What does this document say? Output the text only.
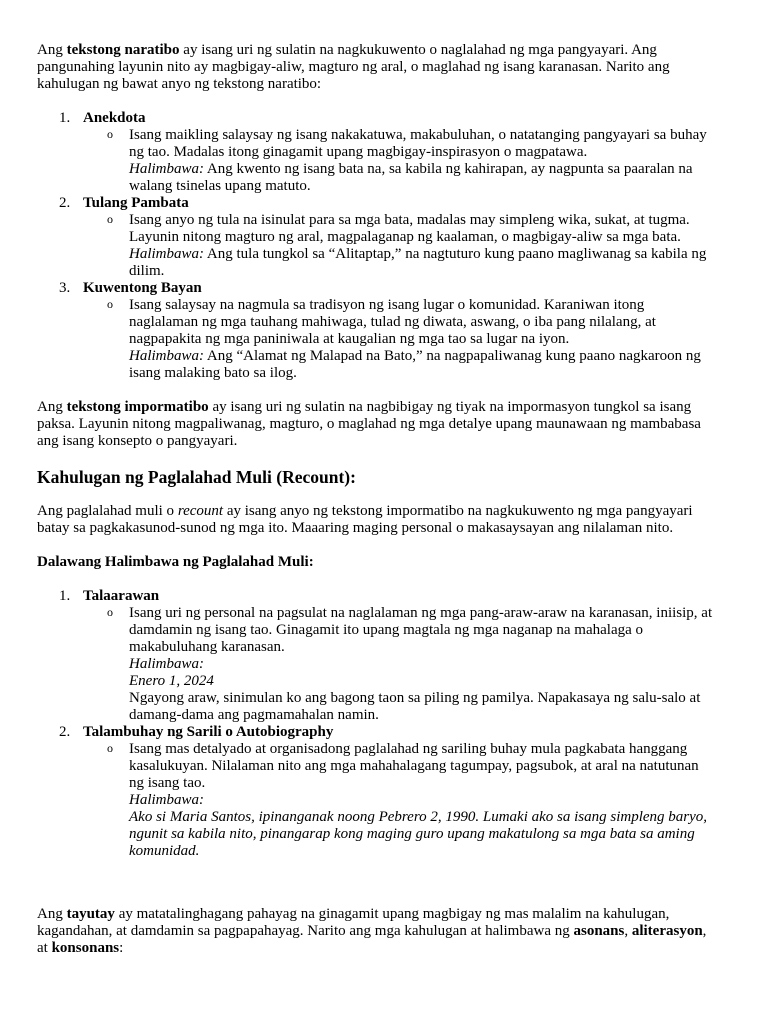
Ang tekstong naratibo ay isang uri ng sulatin na nagkukuwento o naglalahad ng mga pangyayari. Ang pangunahing layunin nito ay magbigay-aliw, magturo ng aral, o maglahad ng isang karanasan. Narito ang kahulugan ng bawat anyo ng tekstong naratibo:

1. Anekdota
o Isang maikling salaysay ng isang nakakatuwa, makabuluhan, o natatanging pangyayari sa buhay ng tao. Madalas itong ginagamit upang magbigay-inspirasyon o magpatawa.

Halimbawa: Ang kwento ng isang bata na, sa kabila ng kahirapan, ay nagpunta sa paaralan na walang tsinelas upang matuto.

2. Tulang Pambata
o Isang anyo ng tula na isinulat para sa mga bata, madalas may simpleng wika, sukat, at tugma. Layunin nitong magturo ng aral, magpalaganap ng kaalaman, o magbigay-aliw sa mga bata.

Halimbawa: Ang tula tungkol sa “Alitaptap,” na nagtuturo kung paano magliwanag sa kabila ng dilim.

3. Kuwentong Bayan
o Isang salaysay na nagmula sa tradisyon ng isang lugar o komunidad. Karaniwan itong naglalaman ng mga tauhang mahiwaga, tulad ng diwata, aswang, o iba pang nilalang, at nagpapakita ng mga paniniwala at kaugalian ng mga tao sa lugar na iyon.

Halimbawa: Ang “Alamat ng Malapad na Bato,” na nagpapaliwanag kung paano nagkaroon ng isang malaking bato sa ilog.

Ang tekstong impormatibo ay isang uri ng sulatin na nagbibigay ng tiyak na impormasyon tungkol sa isang paksa. Layunin nitong magpaliwanag, magturo, o maglahad ng mga detalye upang maunawaan ng mambabasa ang isang konsepto o pangyayari.

Kahulugan ng Paglalahad Muli (Recount):

Ang paglalahad muli o recount ay isang anyo ng tekstong impormatibo na nagkukuwento ng mga pangyayari batay sa pagkakasunod-sunod ng mga ito. Maaaring maging personal o makasaysayan ang nilalaman nito.

Dalawang Halimbawa ng Paglalahad Muli:

1. Talaarawan
o Isang uri ng personal na pagsulat na naglalaman ng mga pang-araw-araw na karanasan, iniisip, at damdamin ng isang tao. Ginagamit ito upang magtala ng mga naganap na mahalaga o makabuluhang karanasan.

Halimbawa:

Enero 1, 2024

Ngayong araw, sinimulan ko ang bagong taon sa piling ng pamilya. Napakasaya ng salu-salo at damang-dama ang pagmamahalan namin.

2. Talambuhay ng Sarili o Autobiography
o Isang mas detalyado at organisadong paglalahad ng sariling buhay mula pagkabata hanggang kasalukuyan. Nilalaman nito ang mga mahahalagang tagumpay, pagsubok, at aral na natutunan ng isang tao.

Halimbawa:

Ako si Maria Santos, ipinanganak noong Pebrero 2, 1990. Lumaki ako sa isang simpleng baryo, ngunit sa kabila nito, pinangarap kong maging guro upang makatulong sa mga bata sa aming komunidad.

Ang tayutay ay matatalinghagang pahayag na ginagamit upang magbigay ng mas malalim na kahulugan, kagandahan, at damdamin sa pagpapahayag. Narito ang mga kahulugan at halimbawa ng asonans, aliterasyon, at konsonans:
